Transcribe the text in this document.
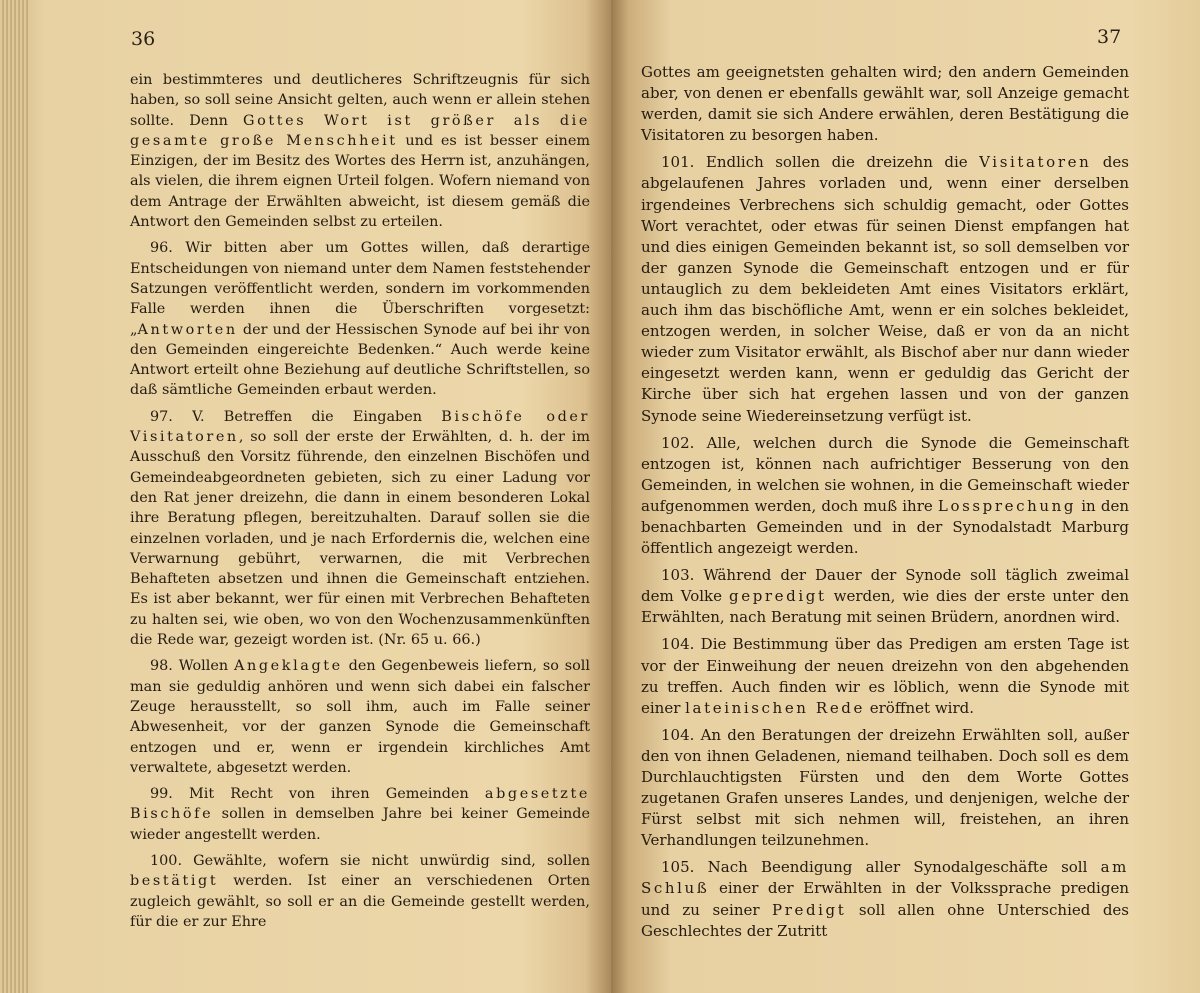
36

ein bestimmteres und deutlicheres Schriftzeugnis für sich haben, so soll seine Ansicht gelten, auch wenn er allein stehen sollte. Denn Gottes Wort ist größer als die gesamte große Menschheit und es ist besser einem Einzigen, der im Besitz des Wortes des Herrn ist, anzuhängen, als vielen, die ihrem eignen Urteil folgen. Wofern niemand von dem Antrage der Erwählten abweicht, ist diesem gemäß die Antwort den Gemeinden selbst zu erteilen.

96. Wir bitten aber um Gottes willen, daß derartige Entscheidungen von niemand unter dem Namen feststehender Satzungen veröffentlicht werden, sondern im vorkommenden Falle werden ihnen die Überschriften vorgesetzt: „Antworten der und der Hessischen Synode auf bei ihr von den Gemeinden eingereichte Bedenken.“ Auch werde keine Antwort erteilt ohne Beziehung auf deutliche Schriftstellen, so daß sämtliche Gemeinden erbaut werden.

97. V. Betreffen die Eingaben Bischöfe oder Visitatoren, so soll der erste der Erwählten, d. h. der im Ausschuß den Vorsitz führende, den einzelnen Bischöfen und Gemeindeabgeordneten gebieten, sich zu einer Ladung vor den Rat jener dreizehn, die dann in einem besonderen Lokal ihre Beratung pflegen, bereitzuhalten. Darauf sollen sie die einzelnen vorladen, und je nach Erfordernis die, welchen eine Verwarnung gebührt, verwarnen, die mit Verbrechen Behafteten absetzen und ihnen die Gemeinschaft entziehen. Es ist aber bekannt, wer für einen mit Verbrechen Behafteten zu halten sei, wie oben, wo von den Wochenzusammenkünften die Rede war, gezeigt worden ist. (Nr. 65 u. 66.)

98. Wollen Angeklagte den Gegenbeweis liefern, so soll man sie geduldig anhören und wenn sich dabei ein falscher Zeuge herausstellt, so soll ihm, auch im Falle seiner Abwesenheit, vor der ganzen Synode die Gemeinschaft entzogen und er, wenn er irgendein kirchliches Amt verwaltete, abgesetzt werden.

99. Mit Recht von ihren Gemeinden abgesetzte Bischöfe sollen in demselben Jahre bei keiner Gemeinde wieder angestellt werden.

100. Gewählte, wofern sie nicht unwürdig sind, sollen bestätigt werden. Ist einer an verschiedenen Orten zugleich gewählt, so soll er an die Gemeinde gestellt werden, für die er zur Ehre

37

Gottes am geeignetsten gehalten wird; den andern Gemeinden aber, von denen er ebenfalls gewählt war, soll Anzeige gemacht werden, damit sie sich Andere erwählen, deren Bestätigung die Visitatoren zu besorgen haben.

101. Endlich sollen die dreizehn die Visitatoren des abgelaufenen Jahres vorladen und, wenn einer derselben irgendeines Verbrechens sich schuldig gemacht, oder Gottes Wort verachtet, oder etwas für seinen Dienst empfangen hat und dies einigen Gemeinden bekannt ist, so soll demselben vor der ganzen Synode die Gemeinschaft entzogen und er für untauglich zu dem bekleideten Amt eines Visitators erklärt, auch ihm das bischöfliche Amt, wenn er ein solches bekleidet, entzogen werden, in solcher Weise, daß er von da an nicht wieder zum Visitator erwählt, als Bischof aber nur dann wieder eingesetzt werden kann, wenn er geduldig das Gericht der Kirche über sich hat ergehen lassen und von der ganzen Synode seine Wiedereinsetzung verfügt ist.

102. Alle, welchen durch die Synode die Gemeinschaft entzogen ist, können nach aufrichtiger Besserung von den Gemeinden, in welchen sie wohnen, in die Gemeinschaft wieder aufgenommen werden, doch muß ihre Lossprechung in den benachbarten Gemeinden und in der Synodalstadt Marburg öffentlich angezeigt werden.

103. Während der Dauer der Synode soll täglich zweimal dem Volke gepredigt werden, wie dies der erste unter den Erwählten, nach Beratung mit seinen Brüdern, anordnen wird.

104. Die Bestimmung über das Predigen am ersten Tage ist vor der Einweihung der neuen dreizehn von den abgehenden zu treffen. Auch finden wir es löblich, wenn die Synode mit einer lateinischen Rede eröffnet wird.

104. An den Beratungen der dreizehn Erwählten soll, außer den von ihnen Geladenen, niemand teilhaben. Doch soll es dem Durchlauchtigsten Fürsten und den dem Worte Gottes zugetanen Grafen unseres Landes, und denjenigen, welche der Fürst selbst mit sich nehmen will, freistehen, an ihren Verhandlungen teilzunehmen.

105. Nach Beendigung aller Synodalgeschäfte soll am Schluß einer der Erwählten in der Volkssprache predigen und zu seiner Predigt soll allen ohne Unterschied des Geschlechtes der Zutritt
